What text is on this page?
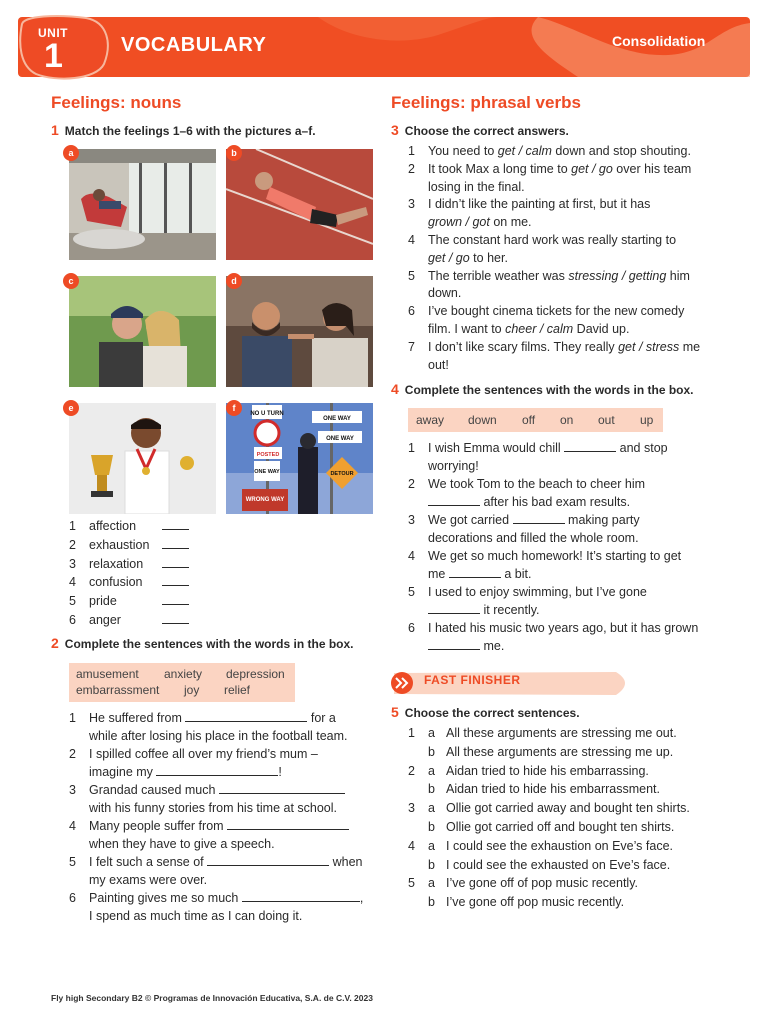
UNIT
1	VOCABULARY	Consolidation
Feelings: nouns
1 Match the feelings 1–6 with the pictures a–f.
a	b
c	d
e	f
NO U TURN
ONE WAY
ONE WAY
POSTED
ONE WAY
WRONG WAY
DETOUR
1 affection
2 exhaustion
3 relaxation
4 confusion
5 pride
6 anger
2 Complete the sentences with the words in the box.
amusement anxiety depression
embarrassment joy relief
1 He suffered from	for a
while after losing his place in the football team.
2 I spilled coffee all over my friend’s mum –
imagine my	!
3 Grandad caused much
with his funny stories from his time at school.
4 Many people suffer from
when they have to give a speech.
5 I felt such a sense of	when
my exams were over.
6 Painting gives me so much	,
I spend as much time as I can doing it.
Feelings: phrasal verbs
3 Choose the correct answers.
1 You need to get / calm down and stop shouting.
2 It took Max a long time to get / go over his team
losing in the final.
3 I didn’t like the painting at first, but it has
grown / got on me.
4 The constant hard work was really starting to
get / go to her.
5 The terrible weather was stressing / getting him
down.
6 I’ve bought cinema tickets for the new comedy
film. I want to cheer / calm David up.
7 I don’t like scary films. They really get / stress me
out!
4 Complete the sentences with the words in the box.
away down off on out up
1 I wish Emma would chill	and stop
worrying!
2 We took Tom to the beach to cheer him
after his bad exam results.
3 We got carried	making party
decorations and filled the whole room.
4 We get so much homework! It’s starting to get
me	a bit.
5 I used to enjoy swimming, but I’ve gone
it recently.
6 I hated his music two years ago, but it has grown
me.
FAST FINISHER
5 Choose the correct sentences.
1 a All these arguments are stressing me out.
b All these arguments are stressing me up.
2 a Aidan tried to hide his embarrassing.
b Aidan tried to hide his embarrassment.
3 a Ollie got carried away and bought ten shirts.
b Ollie got carried off and bought ten shirts.
4 a I could see the exhaustion on Eve’s face.
b I could see the exhausted on Eve’s face.
5 a I’ve gone off of pop music recently.
b I’ve gone off pop music recently.
Fly high Secondary B2 © Programas de Innovación Educativa, S.A. de C.V. 2023
